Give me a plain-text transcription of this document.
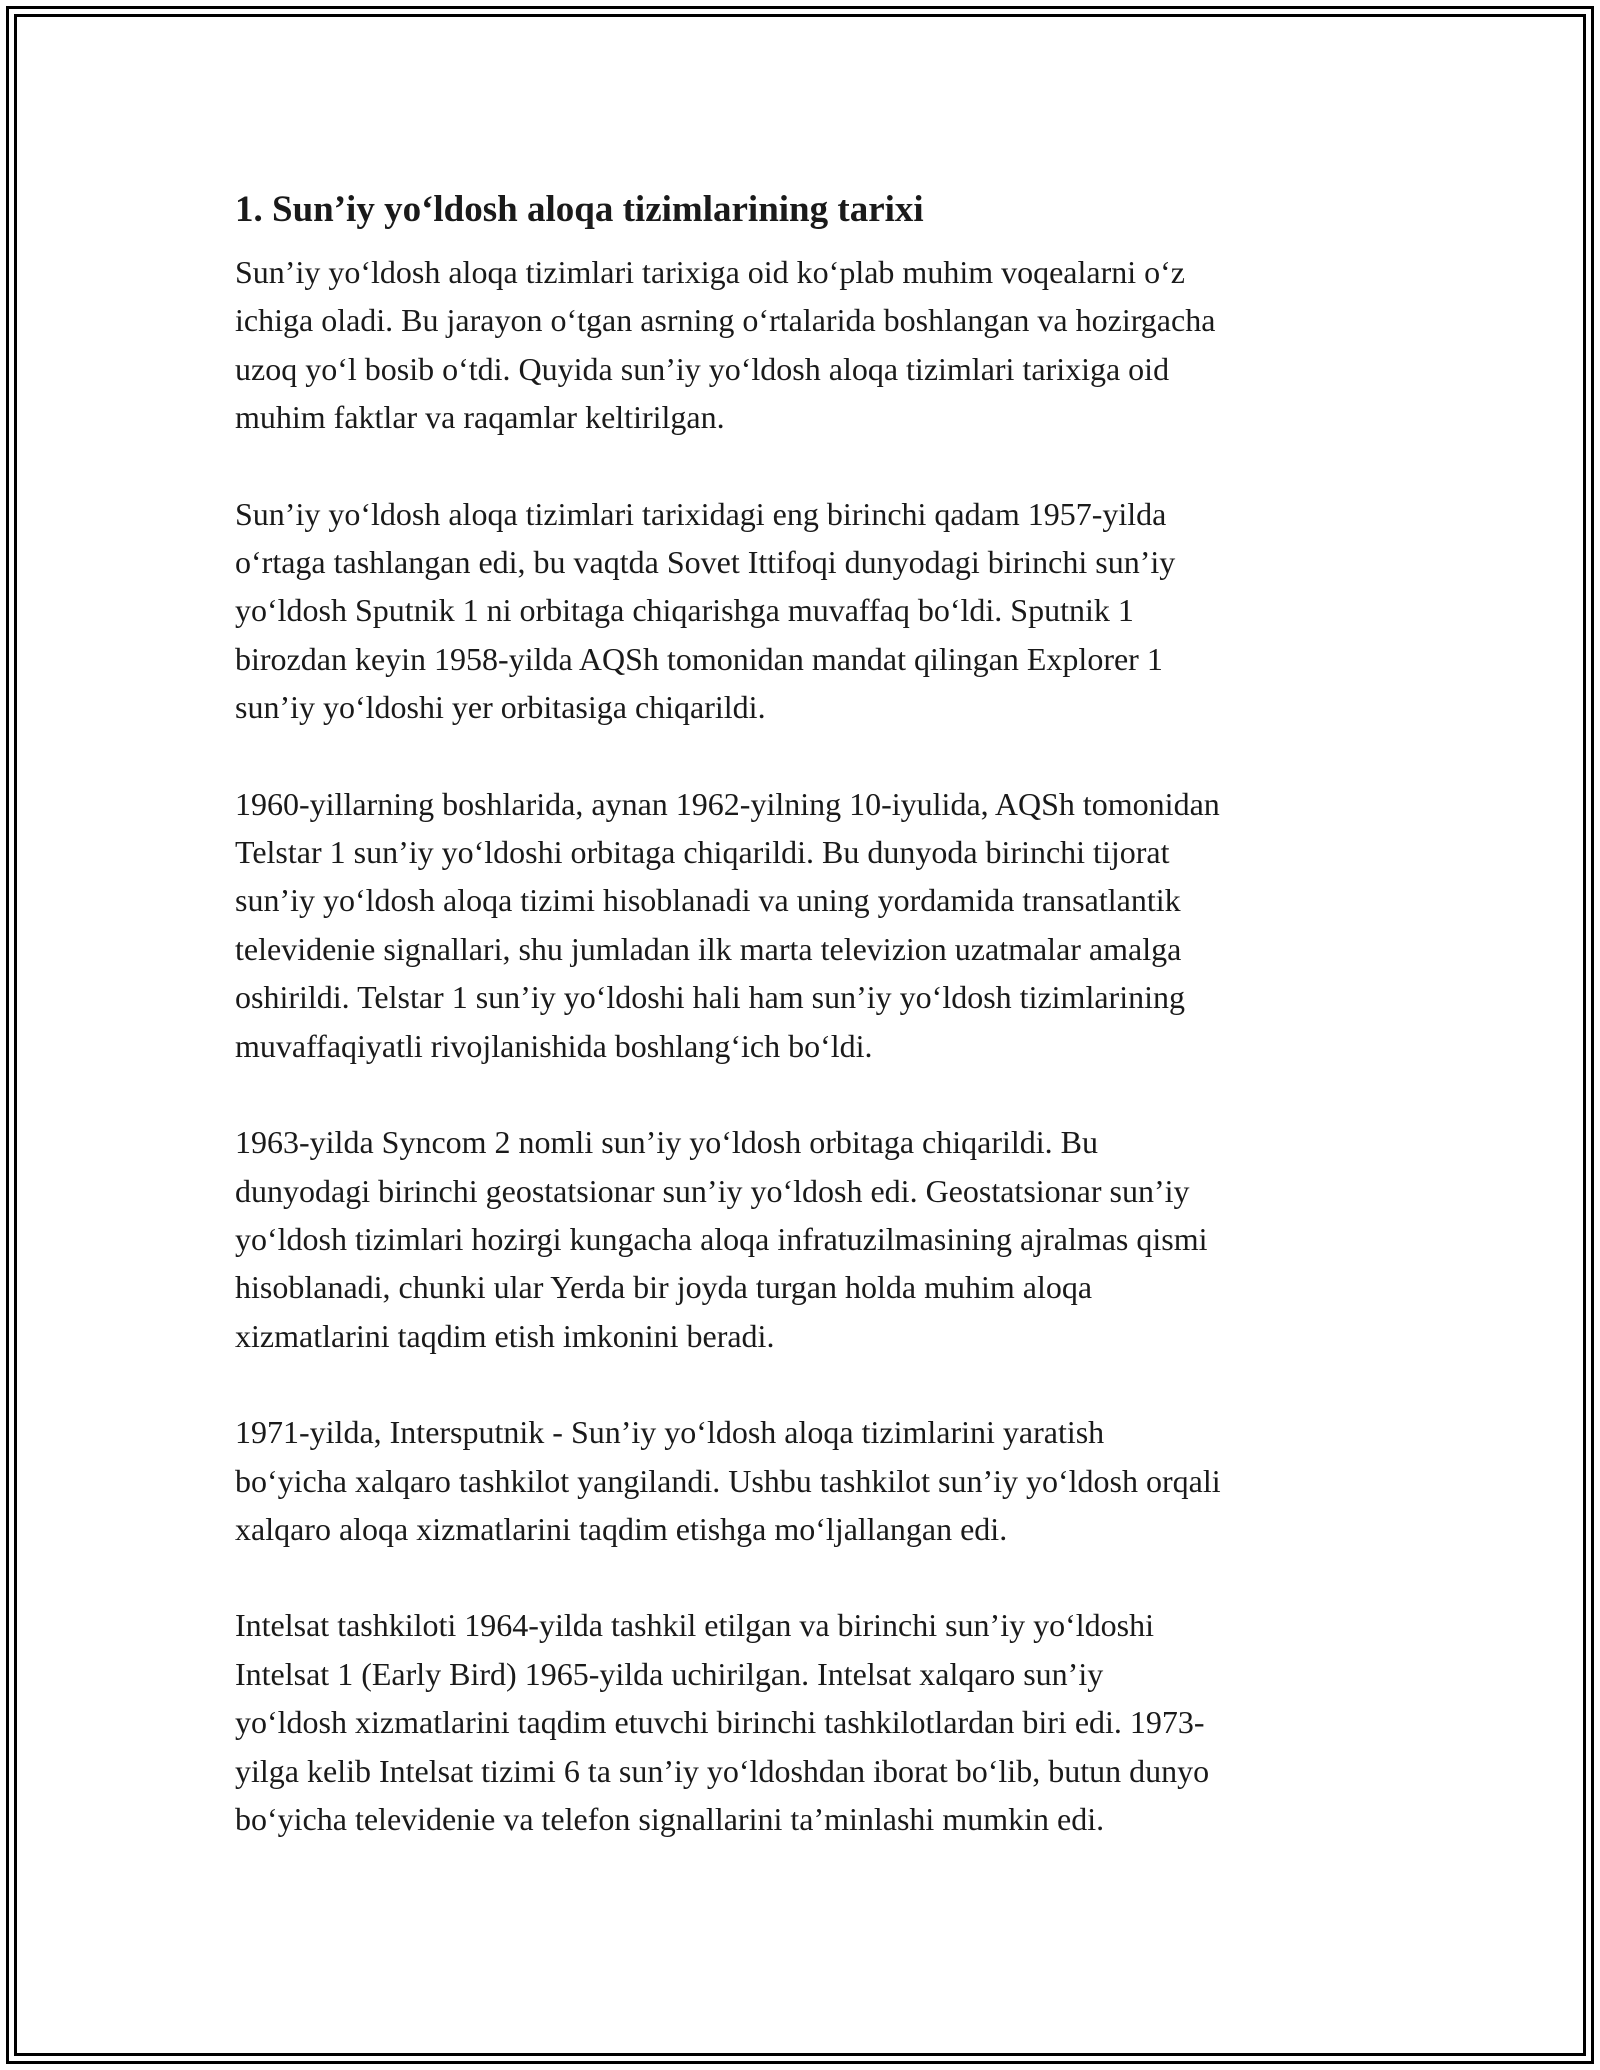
1. Sun’iy yo‘ldosh aloqa tizimlarining tarixi

Sun’iy yo‘ldosh aloqa tizimlari tarixiga oid ko‘plab muhim voqealarni o‘z
ichiga oladi. Bu jarayon o‘tgan asrning o‘rtalarida boshlangan va hozirgacha
uzoq yo‘l bosib o‘tdi. Quyida sun’iy yo‘ldosh aloqa tizimlari tarixiga oid
muhim faktlar va raqamlar keltirilgan.

Sun’iy yo‘ldosh aloqa tizimlari tarixidagi eng birinchi qadam 1957-yilda
o‘rtaga tashlangan edi, bu vaqtda Sovet Ittifoqi dunyodagi birinchi sun’iy
yo‘ldosh Sputnik 1 ni orbitaga chiqarishga muvaffaq bo‘ldi. Sputnik 1
birozdan keyin 1958-yilda AQSh tomonidan mandat qilingan Explorer 1
sun’iy yo‘ldoshi yer orbitasiga chiqarildi.

1960-yillarning boshlarida, aynan 1962-yilning 10-iyulida, AQSh tomonidan
Telstar 1 sun’iy yo‘ldoshi orbitaga chiqarildi. Bu dunyoda birinchi tijorat
sun’iy yo‘ldosh aloqa tizimi hisoblanadi va uning yordamida transatlantik
televidenie signallari, shu jumladan ilk marta televizion uzatmalar amalga
oshirildi. Telstar 1 sun’iy yo‘ldoshi hali ham sun’iy yo‘ldosh tizimlarining
muvaffaqiyatli rivojlanishida boshlang‘ich bo‘ldi.

1963-yilda Syncom 2 nomli sun’iy yo‘ldosh orbitaga chiqarildi. Bu
dunyodagi birinchi geostatsionar sun’iy yo‘ldosh edi. Geostatsionar sun’iy
yo‘ldosh tizimlari hozirgi kungacha aloqa infratuzilmasining ajralmas qismi
hisoblanadi, chunki ular Yerda bir joyda turgan holda muhim aloqa
xizmatlarini taqdim etish imkonini beradi.

1971-yilda, Intersputnik - Sun’iy yo‘ldosh aloqa tizimlarini yaratish
bo‘yicha xalqaro tashkilot yangilandi. Ushbu tashkilot sun’iy yo‘ldosh orqali
xalqaro aloqa xizmatlarini taqdim etishga mo‘ljallangan edi.

Intelsat tashkiloti 1964-yilda tashkil etilgan va birinchi sun’iy yo‘ldoshi
Intelsat 1 (Early Bird) 1965-yilda uchirilgan. Intelsat xalqaro sun’iy
yo‘ldosh xizmatlarini taqdim etuvchi birinchi tashkilotlardan biri edi. 1973-
yilga kelib Intelsat tizimi 6 ta sun’iy yo‘ldoshdan iborat bo‘lib, butun dunyo
bo‘yicha televidenie va telefon signallarini ta’minlashi mumkin edi.
